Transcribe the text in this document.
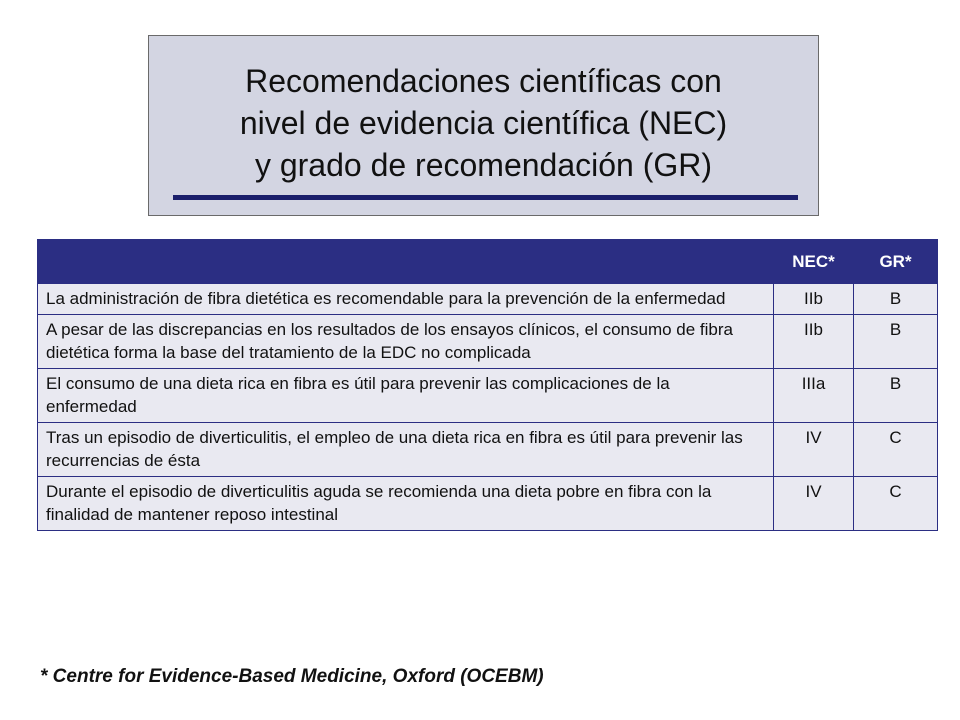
Recomendaciones científicas con
nivel de evidencia científica (NEC)
y grado de recomendación (GR)
	NEC*	GR*
La administración de fibra dietética es recomendable para la prevención de la enfermedad	IIb	B
A pesar de las discrepancias en los resultados de los ensayos clínicos, el consumo de fibra dietética forma la base del tratamiento de la EDC no complicada	IIb	B
El consumo de una dieta rica en fibra es útil para prevenir las complicaciones de la enfermedad	IIIa	B
Tras un episodio de diverticulitis, el empleo de una dieta rica en fibra es útil para prevenir las recurrencias de ésta	IV	C
Durante el episodio de diverticulitis aguda se recomienda una dieta pobre en fibra con la finalidad de mantener reposo intestinal	IV	C
* Centre for Evidence-Based Medicine, Oxford (OCEBM)
